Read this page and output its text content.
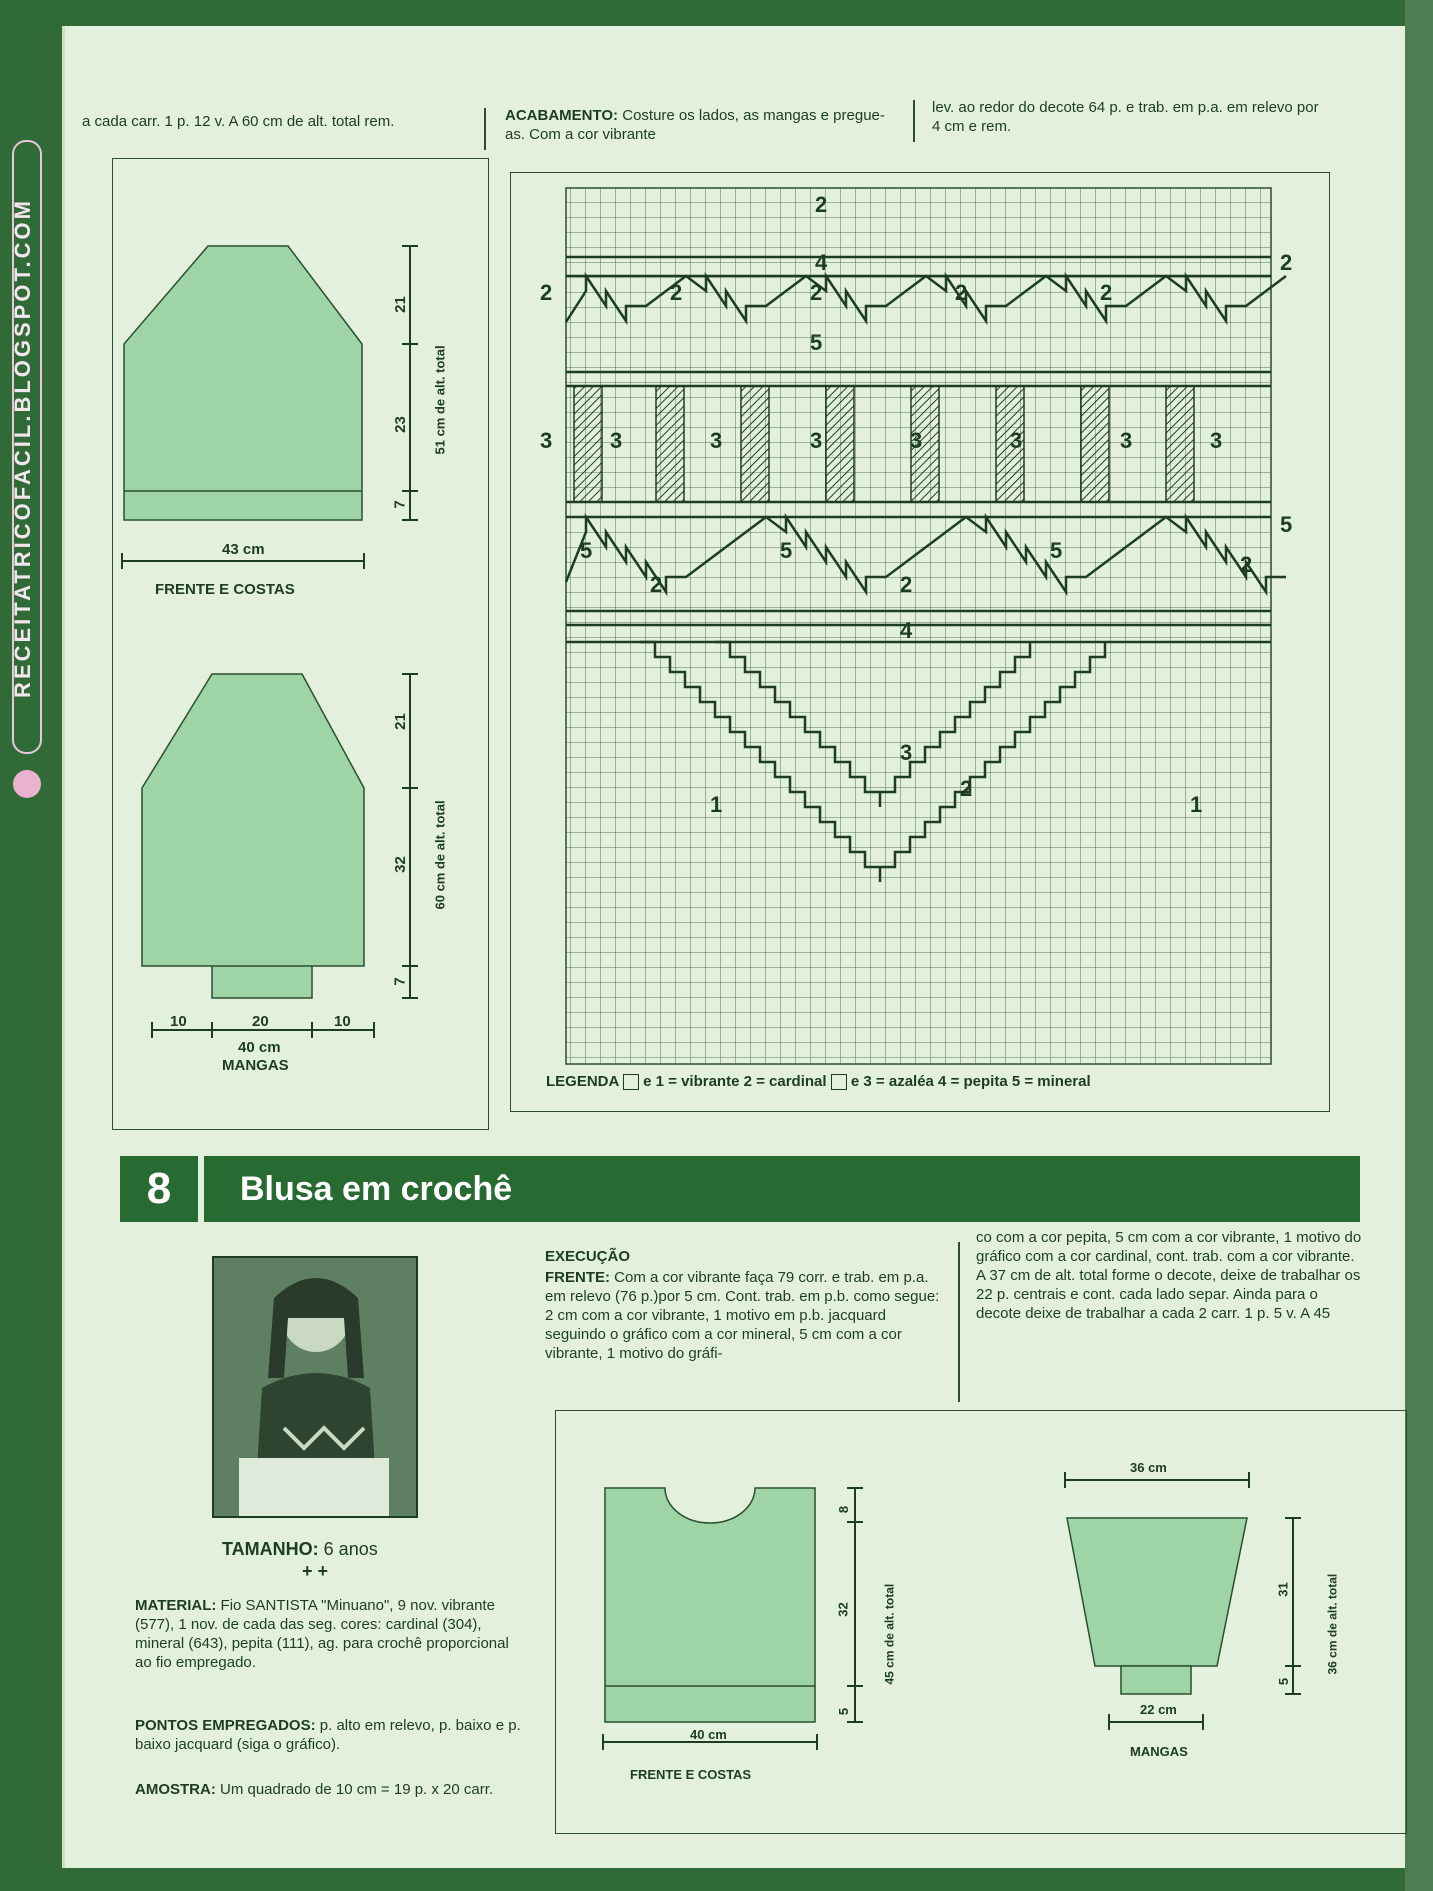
RECEITATRICOFACIL.BLOGSPOT.COM
a cada carr. 1 p. 12 v. A 60 cm de alt. total rem.	ACABAMENTO: Costure os lados, as mangas e pregue-as. Com a cor vibrante
lev. ao redor do decote 64 p. e trab. em p.a. em relevo por 4 cm e rem.
43 cm
FRENTE E COSTAS
21
23
7
51 cm de alt. total
10	20	10
40 cm
MANGAS
21
32
7
60 cm de alt. total
2
4
2	2	2	2	2
2
5
3	3	3	3	3	3	3	3
5
5	5	5
2	2
2
4
3
2
1	1
LEGENDA e 1 = vibrante 2 = cardinal e 3 = azaléa 4 = pepita 5 = mineral
8	Blusa em crochê
TAMANHO: 6 anos
+ +
MATERIAL: Fio SANTISTA "Minuano", 9 nov. vibrante (577), 1 nov. de cada das seg. cores: cardinal (304), mineral (643), pepita (111), ag. para crochê proporcional ao fio empregado.
PONTOS EMPREGADOS: p. alto em relevo, p. baixo e p. baixo jacquard (siga o gráfico).
AMOSTRA: Um quadrado de 10 cm = 19 p. x 20 carr.
EXECUÇÃO
FRENTE: Com a cor vibrante faça 79 corr. e trab. em p.a. em relevo (76 p.)por 5 cm. Cont. trab. em p.b. como segue: 2 cm com a cor vibrante, 1 motivo em p.b. jacquard seguindo o gráfico com a cor mineral, 5 cm com a cor vibrante, 1 motivo do gráfi-
co com a cor pepita, 5 cm com a cor vibrante, 1 motivo do gráfico com a cor cardinal, cont. trab. com a cor vibrante. A 37 cm de alt. total forme o decote, deixe de trabalhar os 22 p. centrais e cont. cada lado separ. Ainda para o decote deixe de trabalhar a cada 2 carr. 1 p. 5 v. A 45
40 cm
FRENTE E COSTAS
8
32
5
45 cm de alt. total
36 cm
22 cm
MANGAS
31
5
36 cm de alt. total
NINA 31
